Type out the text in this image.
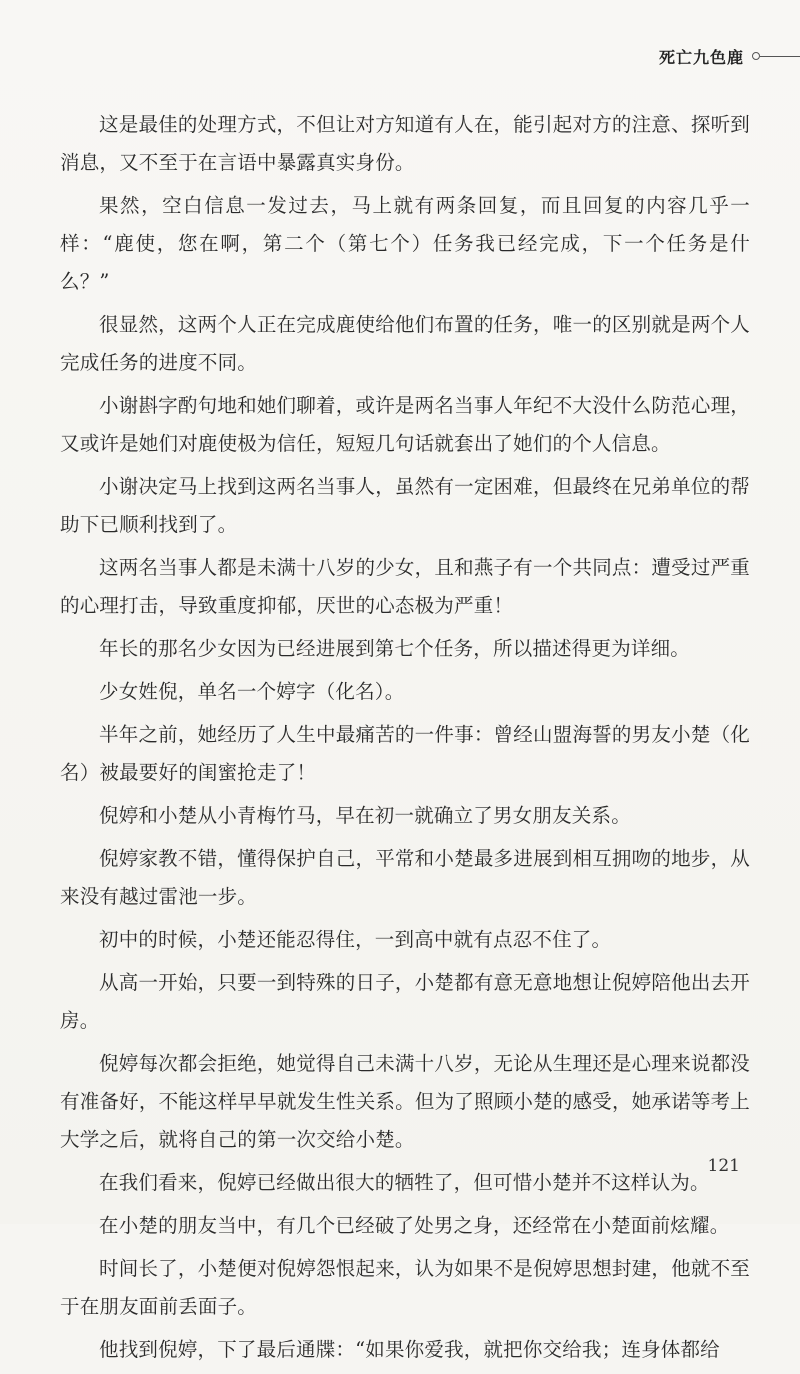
死亡九色鹿

这是最佳的处理方式，不但让对方知道有人在，能引起对方的注意、探听到消息，又不至于在言语中暴露真实身份。

果然，空白信息一发过去，马上就有两条回复，而且回复的内容几乎一样：“鹿使，您在啊，第二个（第七个）任务我已经完成，下一个任务是什么？”

很显然，这两个人正在完成鹿使给他们布置的任务，唯一的区别就是两个人完成任务的进度不同。

小谢斟字酌句地和她们聊着，或许是两名当事人年纪不大没什么防范心理，又或许是她们对鹿使极为信任，短短几句话就套出了她们的个人信息。

小谢决定马上找到这两名当事人，虽然有一定困难，但最终在兄弟单位的帮助下已顺利找到了。

这两名当事人都是未满十八岁的少女，且和燕子有一个共同点：遭受过严重的心理打击，导致重度抑郁，厌世的心态极为严重！

年长的那名少女因为已经进展到第七个任务，所以描述得更为详细。

少女姓倪，单名一个婷字（化名）。

半年之前，她经历了人生中最痛苦的一件事：曾经山盟海誓的男友小楚（化名）被最要好的闺蜜抢走了！

倪婷和小楚从小青梅竹马，早在初一就确立了男女朋友关系。

倪婷家教不错，懂得保护自己，平常和小楚最多进展到相互拥吻的地步，从来没有越过雷池一步。

初中的时候，小楚还能忍得住，一到高中就有点忍不住了。

从高一开始，只要一到特殊的日子，小楚都有意无意地想让倪婷陪他出去开房。

倪婷每次都会拒绝，她觉得自己未满十八岁，无论从生理还是心理来说都没有准备好，不能这样早早就发生性关系。但为了照顾小楚的感受，她承诺等考上大学之后，就将自己的第一次交给小楚。

在我们看来，倪婷已经做出很大的牺牲了，但可惜小楚并不这样认为。

在小楚的朋友当中，有几个已经破了处男之身，还经常在小楚面前炫耀。

时间长了，小楚便对倪婷怨恨起来，认为如果不是倪婷思想封建，他就不至于在朋友面前丢面子。

他找到倪婷，下了最后通牒：“如果你爱我，就把你交给我；连身体都给

121
